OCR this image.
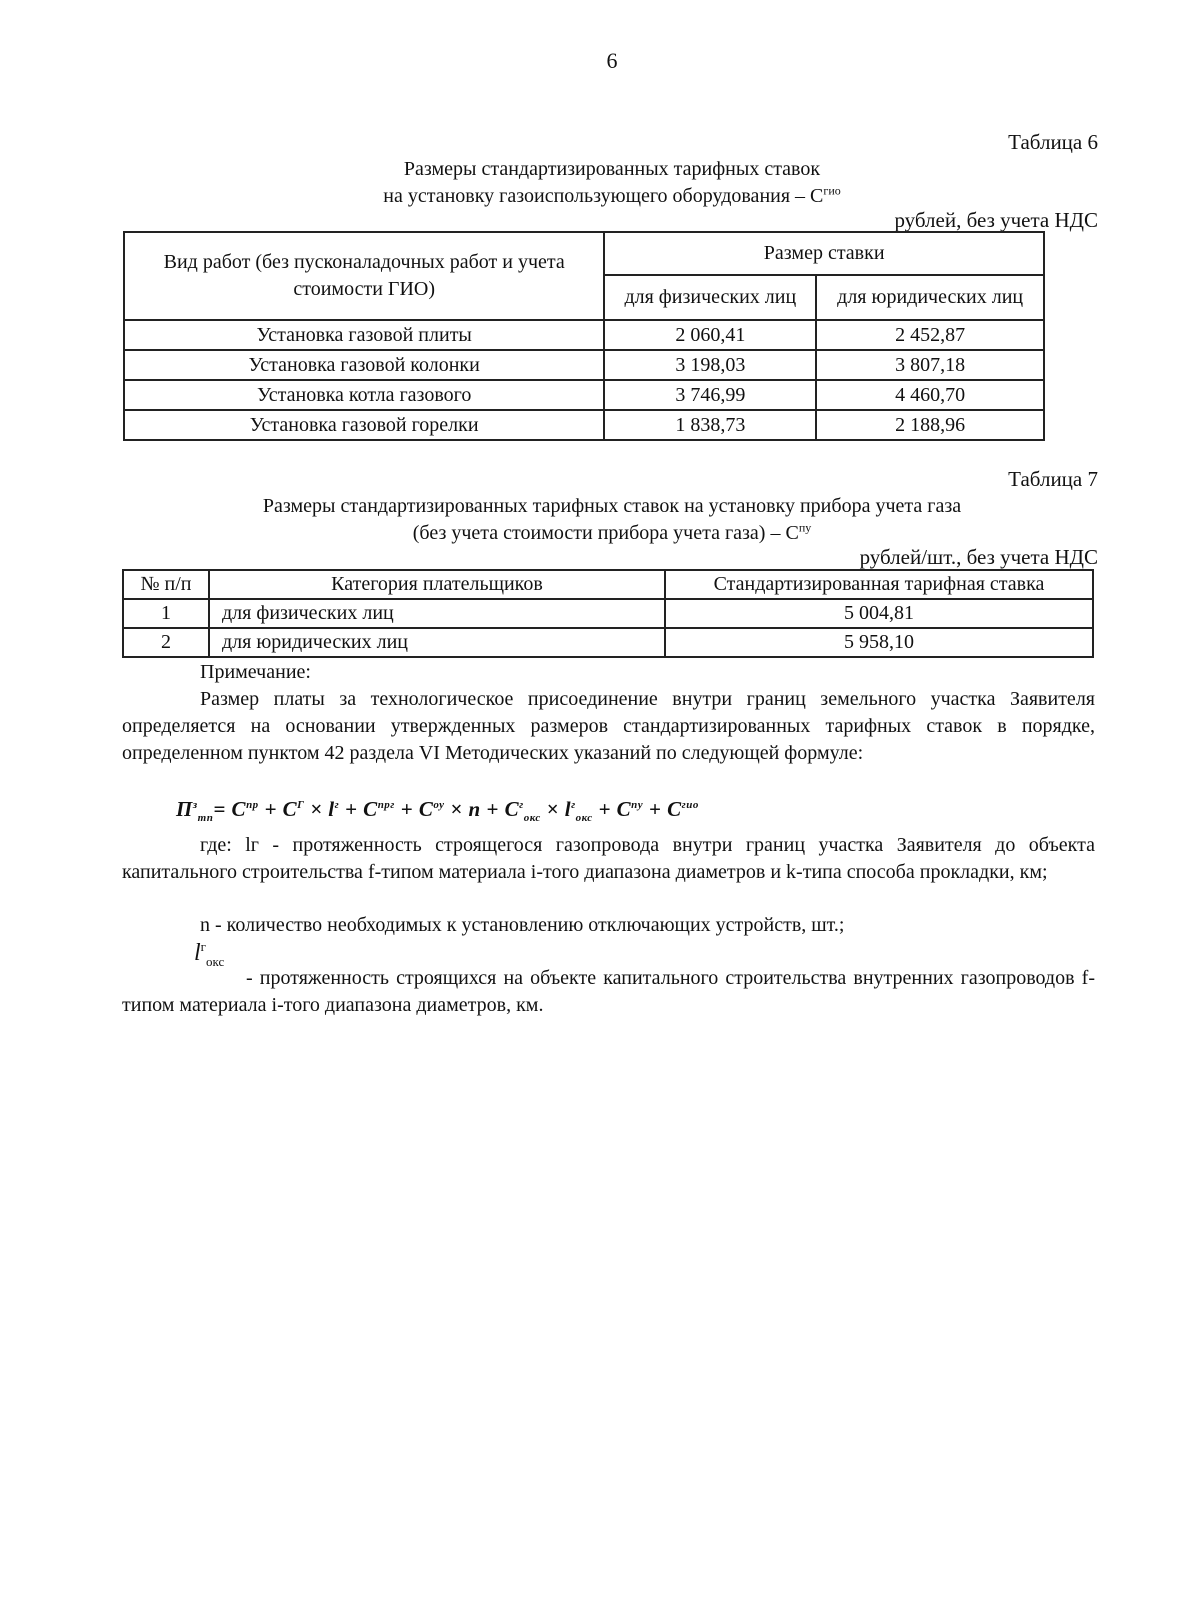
6
Таблица 6
Размеры стандартизированных тарифных ставок
на установку газоиспользующего оборудования – $С^{гио}$
рублей, без учета НДС
Вид работ (без пусконаладочных работ и учета стоимости ГИО)	Размер ставки	
	для физических лиц	для юридических лиц
Установка газовой плиты	2 060,41	2 452,87
Установка газовой колонки	3 198,03	3 807,18
Установка котла газового	3 746,99	4 460,70
Установка газовой горелки	1 838,73	2 188,96
Таблица 7
Размеры стандартизированных тарифных ставок на установку прибора учета газа
(без учета стоимости прибора учета газа) – $С^{пу}$
рублей/шт., без учета НДС
№ п/п	Категория плательщиков	Стандартизированная тарифная ставка
1	для физических лиц	5 004,81
2	для юридических лиц	5 958,10
Примечание:
Размер платы за технологическое присоединение внутри границ земельного участка Заявителя определяется на основании утвержденных размеров стандартизированных тарифных ставок в порядке, определенном пунктом 42 раздела VI Методических указаний по следующей формуле:
$П^з_{тп}= С^{пр} + С^Г \times l^г + С^{прг} + С^{оу} \times n + С^г_{окс} \times l^г_{окс} + С^{пу} + С^{гио}$
где: lг - протяженность строящегося газопровода внутри границ участка Заявителя до объекта капитального строительства f-типом материала i-того диапазона диаметров и k-типа способа прокладки, км;
n - количество необходимых к установлению отключающих устройств, шт.;
$l^г_{окс}$
- протяженность строящихся на объекте капитального строительства внутренних газопроводов f-типом материала i-того диапазона диаметров, км.
